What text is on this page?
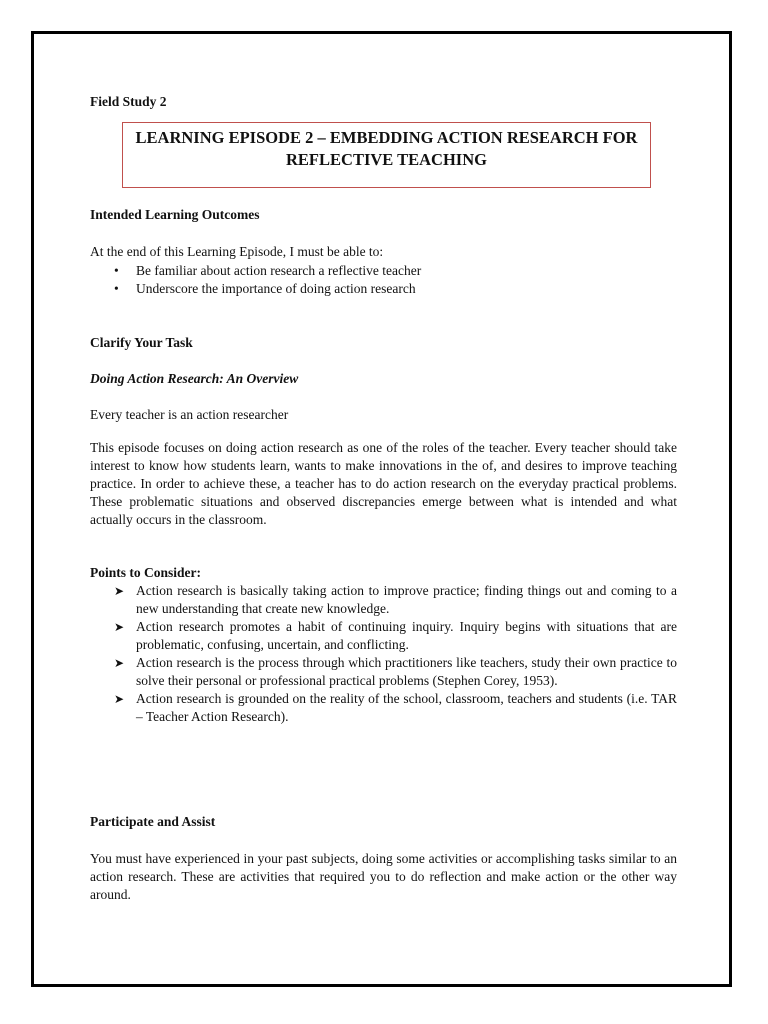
Field Study 2

LEARNING EPISODE 2 – EMBEDDING ACTION RESEARCH FOR
REFLECTIVE TEACHING

Intended Learning Outcomes

At the end of this Learning Episode, I must be able to:

•	Be familiar about action research a reflective teacher
•	Underscore the importance of doing action research

Clarify Your Task

Doing Action Research: An Overview

Every teacher is an action researcher

This episode focuses on doing action research as one of the roles of the teacher. Every teacher should take interest to know how students learn, wants to make innovations in the of, and desires to improve teaching practice. In order to achieve these, a teacher has to do action research on the everyday practical problems. These problematic situations and observed discrepancies emerge between what is intended and what actually occurs in the classroom.

Points to Consider:

➤ Action research is basically taking action to improve practice; finding things out and coming to a new understanding that create new knowledge.
➤ Action research promotes a habit of continuing inquiry. Inquiry begins with situations that are problematic, confusing, uncertain, and conflicting.
➤ Action research is the process through which practitioners like teachers, study their own practice to solve their personal or professional practical problems (Stephen Corey, 1953).
➤ Action research is grounded on the reality of the school, classroom, teachers and students (i.e. TAR – Teacher Action Research).

Participate and Assist

You must have experienced in your past subjects, doing some activities or accomplishing tasks similar to an action research. These are activities that required you to do reflection and make action or the other way around.
